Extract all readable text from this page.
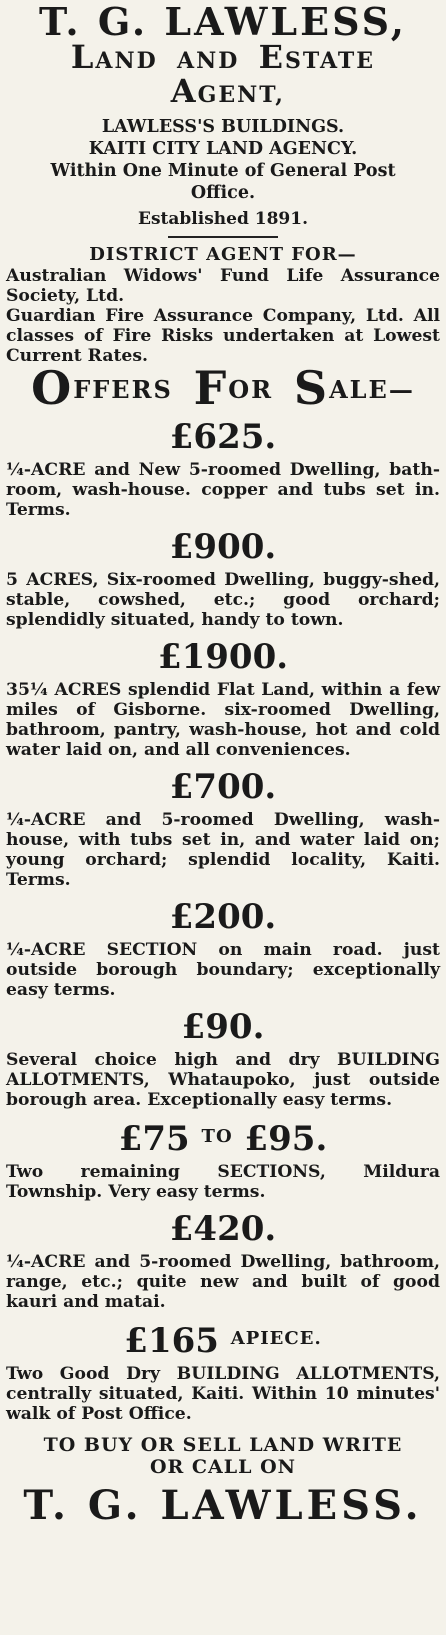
T. G. LAWLESS,
LAND AND ESTATE  AGENT,
LAWLESS'S BUILDINGS.
KAITI CITY LAND AGENCY.
Within One Minute of General Post Office.
Established 1891.
DISTRICT AGENT FOR—
Australian Widows' Fund Life Assurance Society, Ltd.
Guardian Fire Assurance Company, Ltd. All classes of Fire Risks undertaken at Lowest Current Rates.
OFFERS FOR SALE—
£625.
¼-ACRE and New 5-roomed Dwelling, bath-room, wash-house. copper and tubs set in. Terms.
£900.
5 ACRES, Six-roomed Dwelling, buggy-shed, stable, cowshed, etc.; good orchard; splendidly situated, handy to town.
£1900.
35¼ ACRES splendid Flat Land, within a few miles of Gisborne. six-roomed Dwelling, bathroom, pantry, wash-house, hot and cold water laid on, and all conveniences.
£700.
¼-ACRE and 5-roomed Dwelling, wash-house, with tubs set in, and water laid on; young orchard; splendid locality, Kaiti. Terms.
£200.
¼-ACRE SECTION on main road. just outside borough boundary; exceptionally easy terms.
£90.
Several choice high and dry BUILDING ALLOTMENTS, Whataupoko, just outside borough area. Exceptionally easy terms.
£75 $^{TO}$ £95.
Two remaining SECTIONS, Mildura Township. Very easy terms.
£420.
¼-ACRE and 5-roomed Dwelling, bathroom, range, etc.; quite new and built of good kauri and matai.
£165 $^{APIECE.}$
Two Good Dry BUILDING ALLOTMENTS, centrally situated, Kaiti. Within 10 minutes' walk of Post Office.
TO BUY OR SELL LAND WRITE
OR CALL ON
T. G. LAWLESS.
